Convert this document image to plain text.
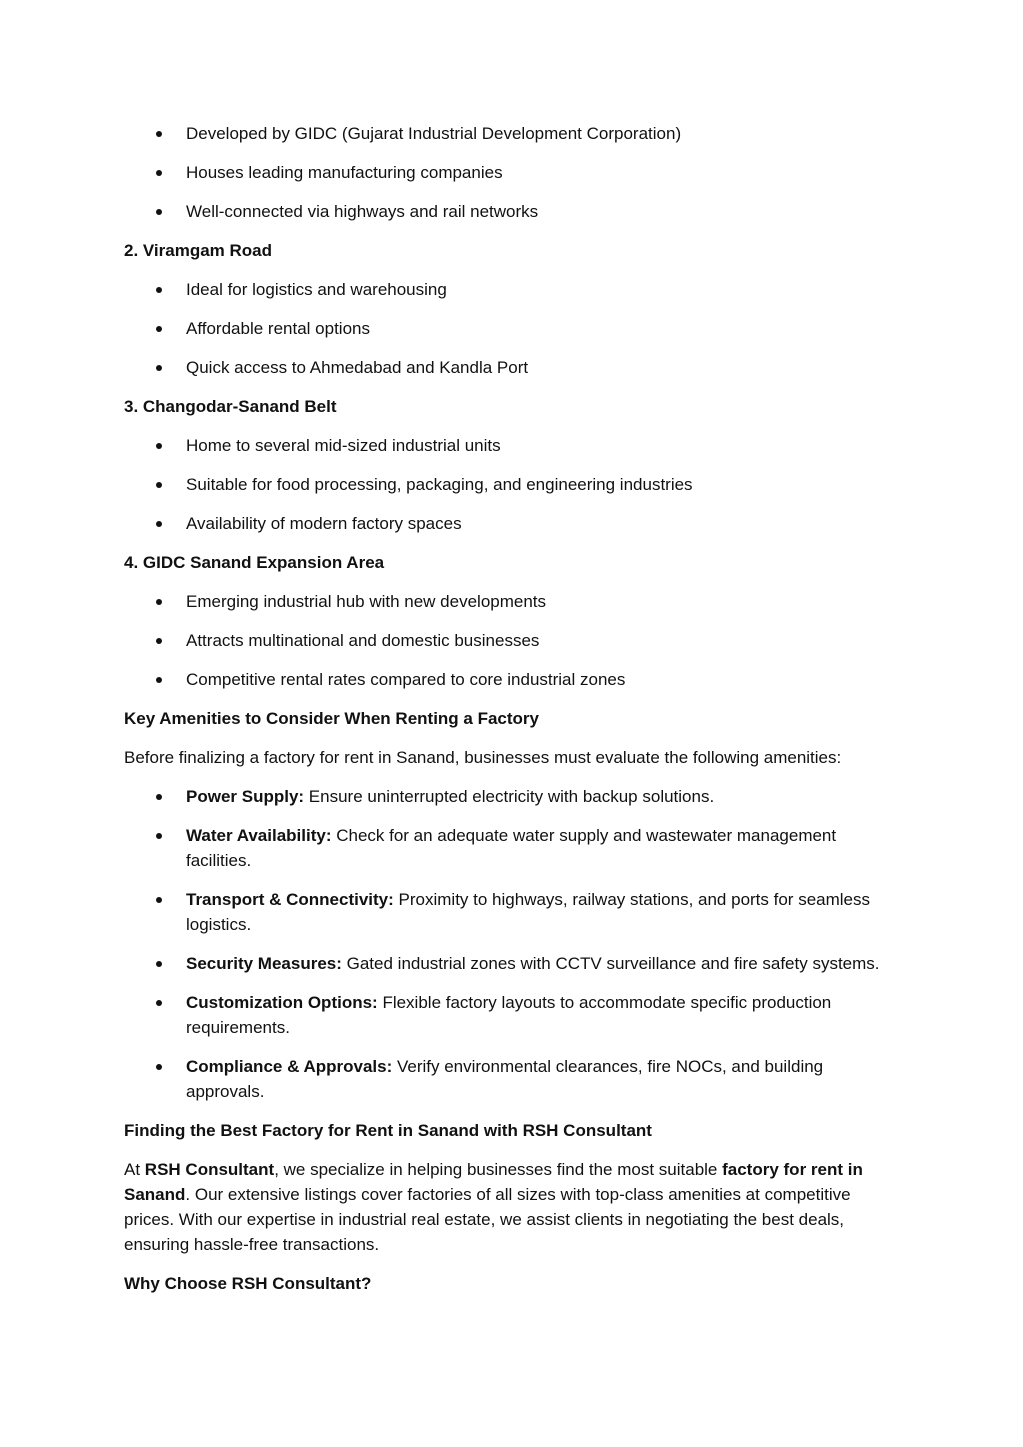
Developed by GIDC (Gujarat Industrial Development Corporation)
Houses leading manufacturing companies
Well-connected via highways and rail networks
2. Viramgam Road
Ideal for logistics and warehousing
Affordable rental options
Quick access to Ahmedabad and Kandla Port
3. Changodar-Sanand Belt
Home to several mid-sized industrial units
Suitable for food processing, packaging, and engineering industries
Availability of modern factory spaces
4. GIDC Sanand Expansion Area
Emerging industrial hub with new developments
Attracts multinational and domestic businesses
Competitive rental rates compared to core industrial zones
Key Amenities to Consider When Renting a Factory

Before finalizing a factory for rent in Sanand, businesses must evaluate the following amenities:

Power Supply: Ensure uninterrupted electricity with backup solutions.
Water Availability: Check for an adequate water supply and wastewater management facilities.
Transport & Connectivity: Proximity to highways, railway stations, and ports for seamless logistics.
Security Measures: Gated industrial zones with CCTV surveillance and fire safety systems.
Customization Options: Flexible factory layouts to accommodate specific production requirements.
Compliance & Approvals: Verify environmental clearances, fire NOCs, and building approvals.
Finding the Best Factory for Rent in Sanand with RSH Consultant

At RSH Consultant, we specialize in helping businesses find the most suitable factory for rent in Sanand. Our extensive listings cover factories of all sizes with top-class amenities at competitive prices. With our expertise in industrial real estate, we assist clients in negotiating the best deals, ensuring hassle-free transactions.

Why Choose RSH Consultant?
